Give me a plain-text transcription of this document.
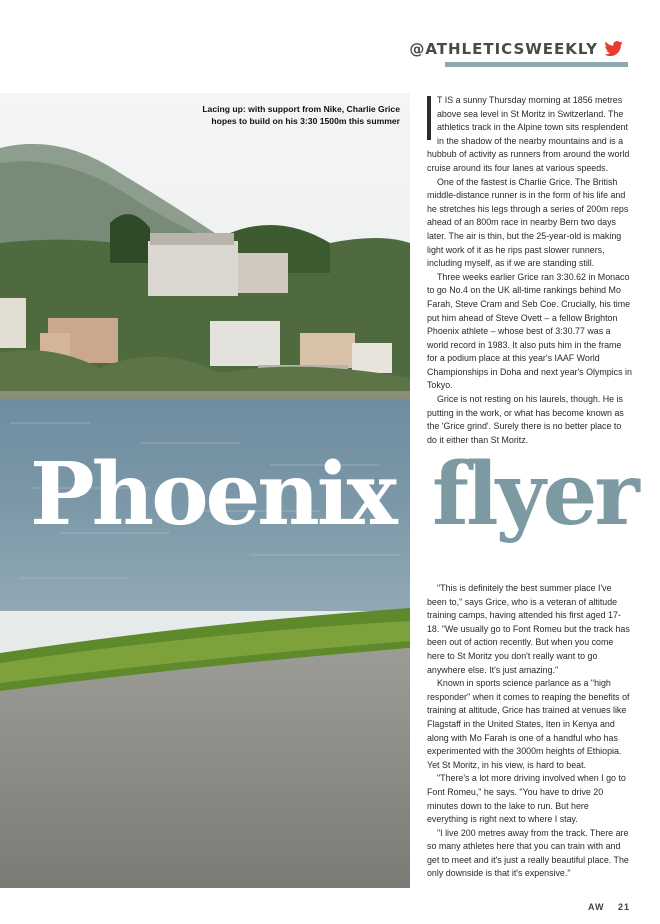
@ATHLETICSWEEKLY
Lacing up: with support from Nike, Charlie Grice hopes to build on his 3:30 1500m this summer
Phoenix flyer

T IS a sunny Thursday morning at 1856 metres above sea level in St Moritz in Switzerland. The athletics track in the Alpine town sits resplendent in the shadow of the nearby mountains and is a hubbub of activity as runners from around the world cruise around its four lanes at various speeds.

One of the fastest is Charlie Grice. The British middle-distance runner is in the form of his life and he stretches his legs through a series of 200m reps ahead of an 800m race in nearby Bern two days later. The air is thin, but the 25-year-old is making light work of it as he rips past slower runners, including myself, as if we are standing still.

Three weeks earlier Grice ran 3:30.62 in Monaco to go No.4 on the UK all-time rankings behind Mo Farah, Steve Cram and Seb Coe. Crucially, his time put him ahead of Steve Ovett – a fellow Brighton Phoenix athlete – whose best of 3:30.77 was a world record in 1983. It also puts him in the frame for a podium place at this year's IAAF World Championships in Doha and next year's Olympics in Tokyo.

Grice is not resting on his laurels, though. He is putting in the work, or what has become known as the 'Grice grind'. Surely there is no better place to do it either than St Moritz.

"This is definitely the best summer place I've been to," says Grice, who is a veteran of altitude training camps, having attended his first aged 17-18. "We usually go to Font Romeu but the track has been out of action recently. But when you come here to St Moritz you don't really want to go anywhere else. It's just amazing."

Known in sports science parlance as a "high responder" when it comes to reaping the benefits of training at altitude, Grice has trained at venues like Flagstaff in the United States, Iten in Kenya and along with Mo Farah is one of a handful who has experimented with the 3000m heights of Ethiopia. Yet St Moritz, in his view, is hard to beat.

"There's a lot more driving involved when I go to Font Romeu," he says. "You have to drive 20 minutes down to the lake to run. But here everything is right next to where I stay.

"I live 200 metres away from the track. There are so many athletes here that you can train with and get to meet and it's just a really beautiful place. The only downside is that it's expensive."

AW 21
